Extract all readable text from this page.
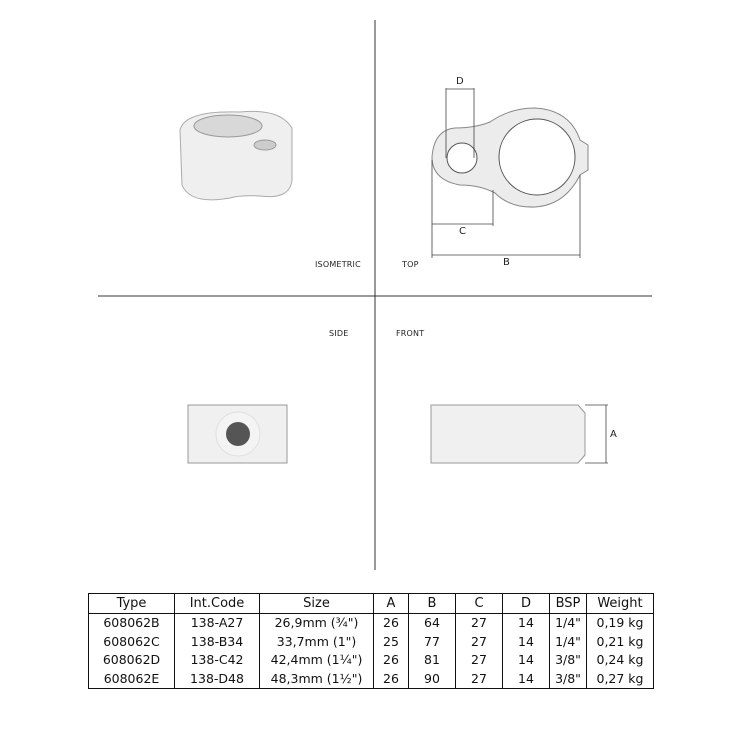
ISOMETRIC	TOP
SIDE	FRONT
D
C
B
A
Type	Int.Code	Size	A	B	C	D	BSP	Weight
608062B	138-A27	26,9mm (¾")	26	64	27	14	1/4"	0,19 kg
608062C	138-B34	33,7mm (1")	25	77	27	14	1/4"	0,21 kg
608062D	138-C42	42,4mm (1¼")	26	81	27	14	3/8"	0,24 kg
608062E	138-D48	48,3mm (1½")	26	90	27	14	3/8"	0,27 kg
